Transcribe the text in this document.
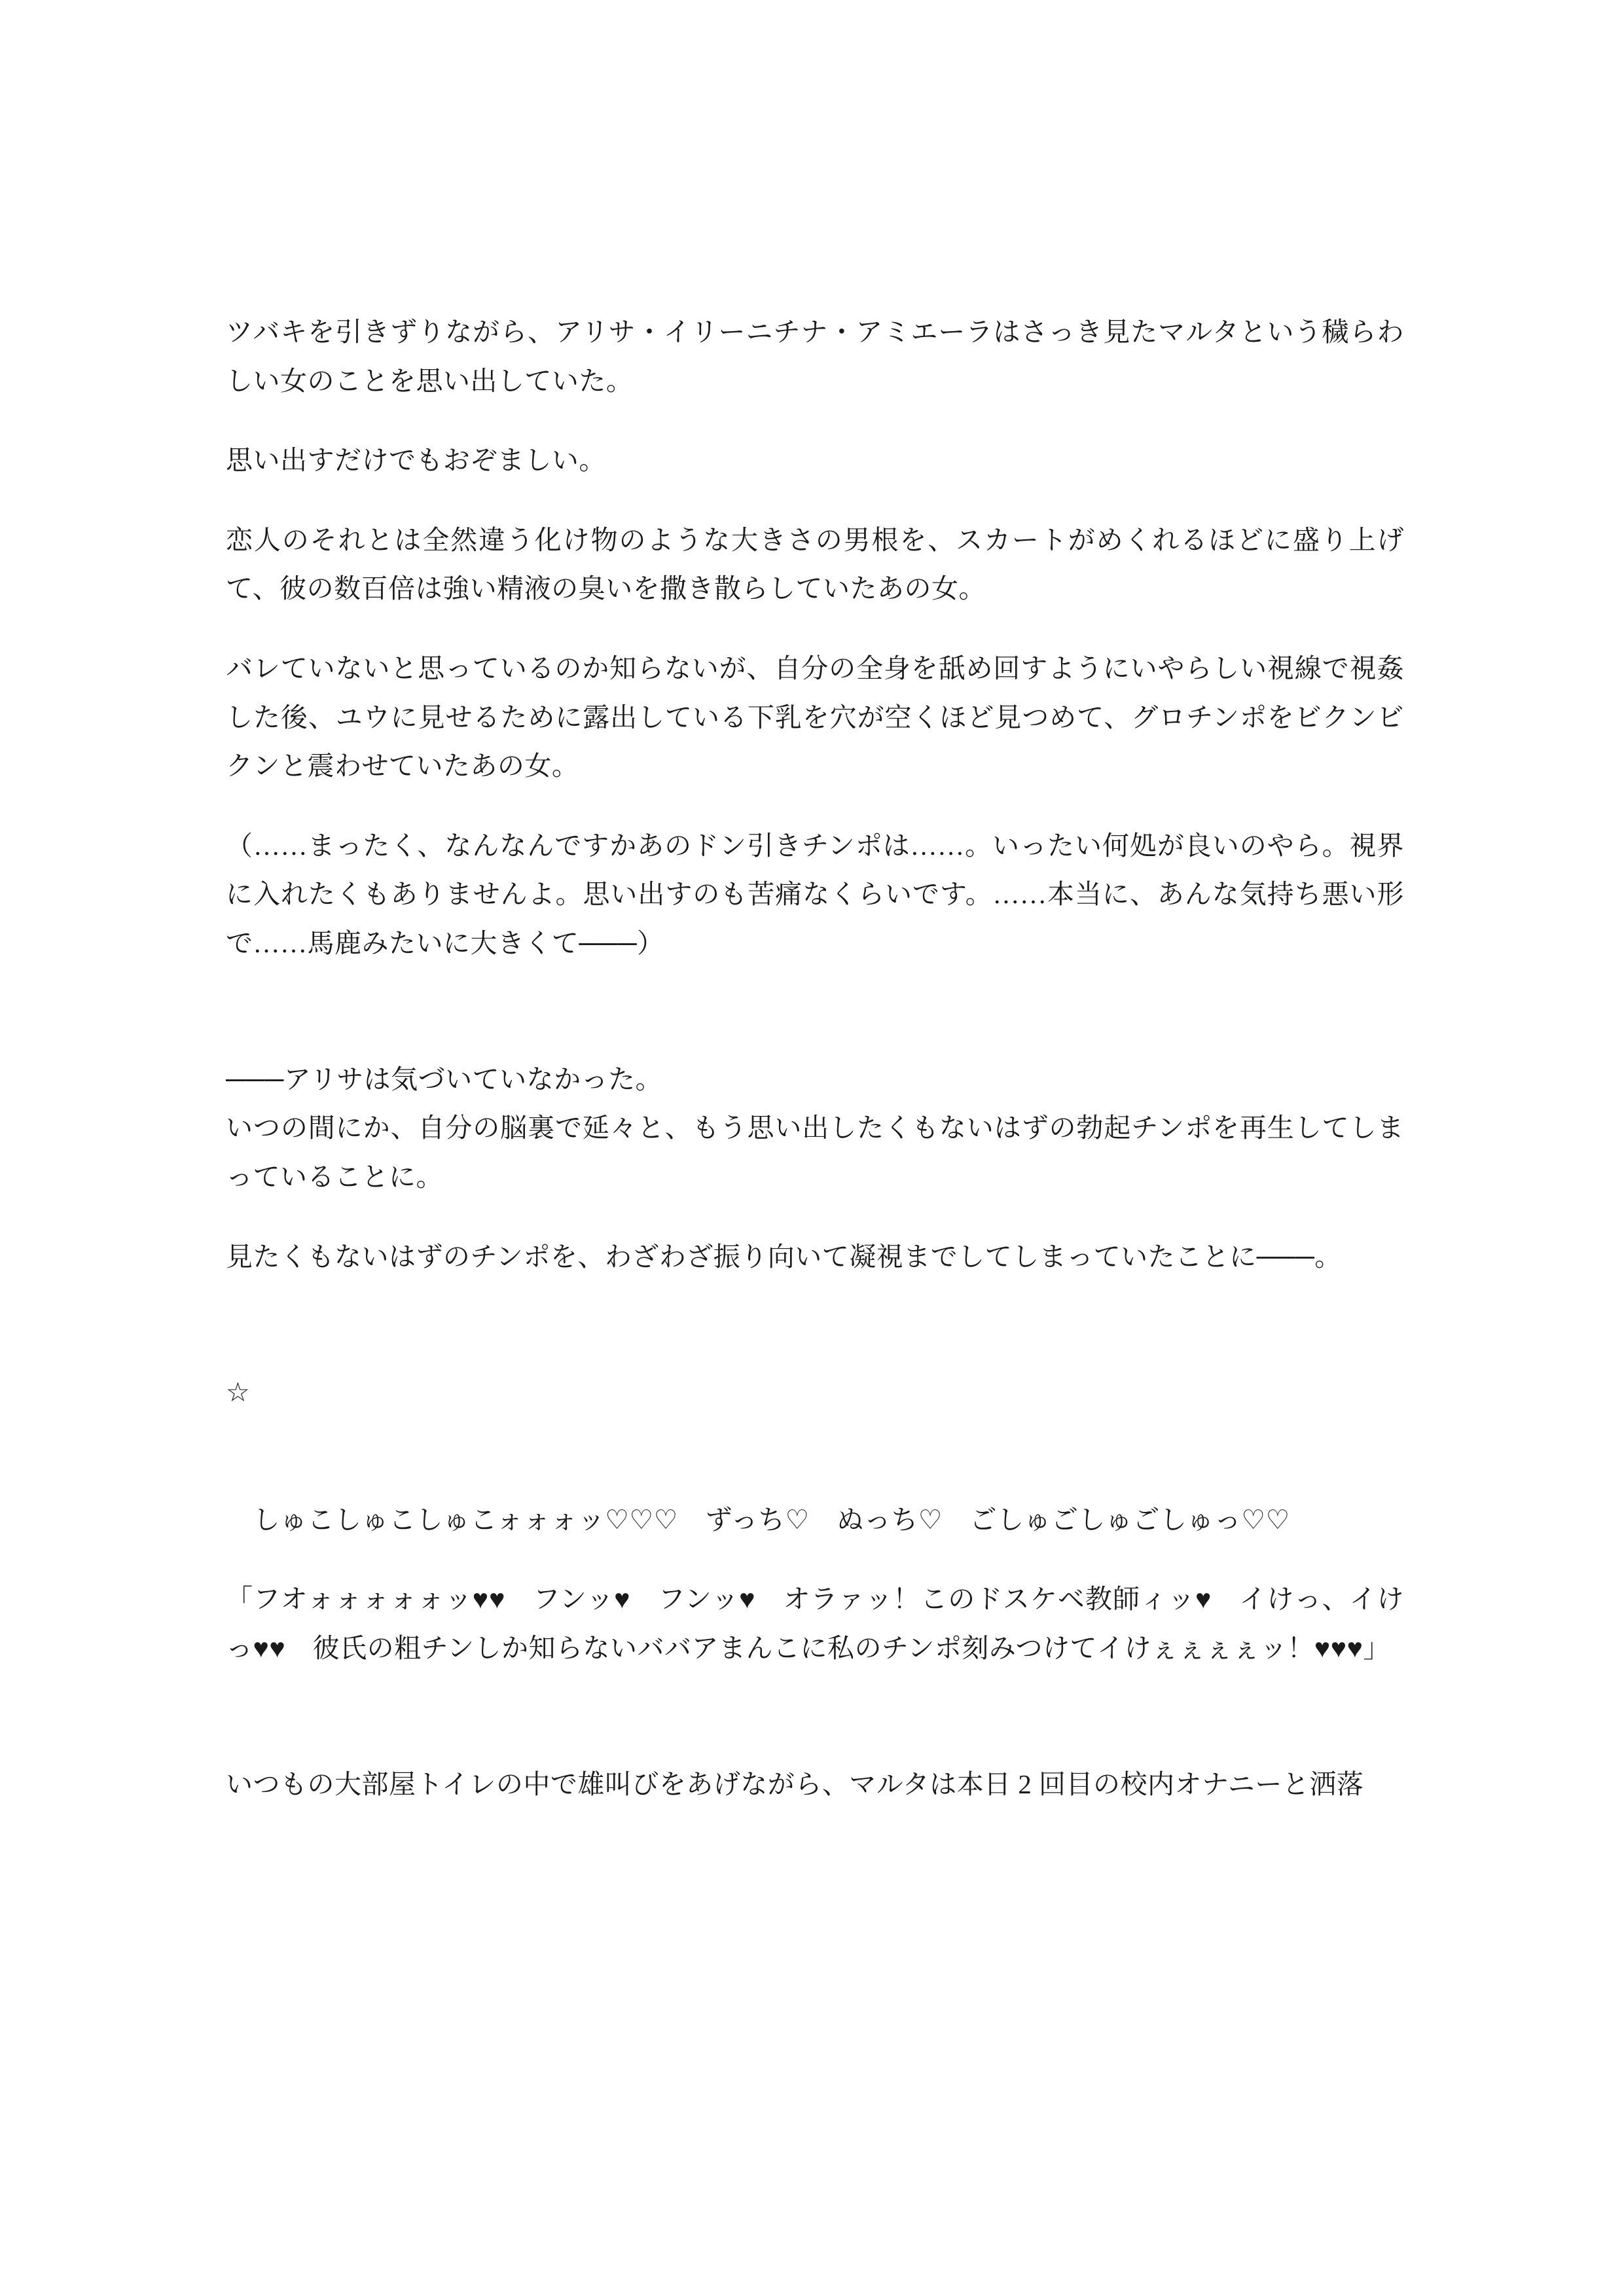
ツバキを引きずりながら、アリサ・イリーニチナ・アミエーラはさっき見たマルタという穢らわしい女のことを思い出していた。

思い出すだけでもおぞましい。

恋人のそれとは全然違う化け物のような大きさの男根を、スカートがめくれるほどに盛り上げて、彼の数百倍は強い精液の臭いを撒き散らしていたあの女。

バレていないと思っているのか知らないが、自分の全身を舐め回すようにいやらしい視線で視姦した後、ユウに見せるために露出している下乳を穴が空くほど見つめて、グロチンポをビクンビクンと震わせていたあの女。

（……まったく、なんなんですかあのドン引きチンポは……。いったい何処が良いのやら。視界に入れたくもありませんよ。思い出すのも苦痛なくらいです。……本当に、あんな気持ち悪い形で……馬鹿みたいに大きくて───）

───アリサは気づいていなかった。

いつの間にか、自分の脳裏で延々と、もう思い出したくもないはずの勃起チンポを再生してしまっていることに。

見たくもないはずのチンポを、わざわざ振り向いて凝視までしてしまっていたことに───。

☆

　しゅこしゅこしゅこォォォッ♡♡♡　ずっち♡　ぬっち♡　ごしゅごしゅごしゅっ♡♡

「フオォォォォォッ♥♥　フンッ♥　フンッ♥　オラァッ！このドスケベ教師ィッ♥　イけっ、イけっ♥♥　彼氏の粗チンしか知らないババアまんこに私のチンポ刻みつけてイけぇぇぇぇッ！♥♥♥」

いつもの大部屋トイレの中で雄叫びをあげながら、マルタは本日 2 回目の校内オナニーと洒落
